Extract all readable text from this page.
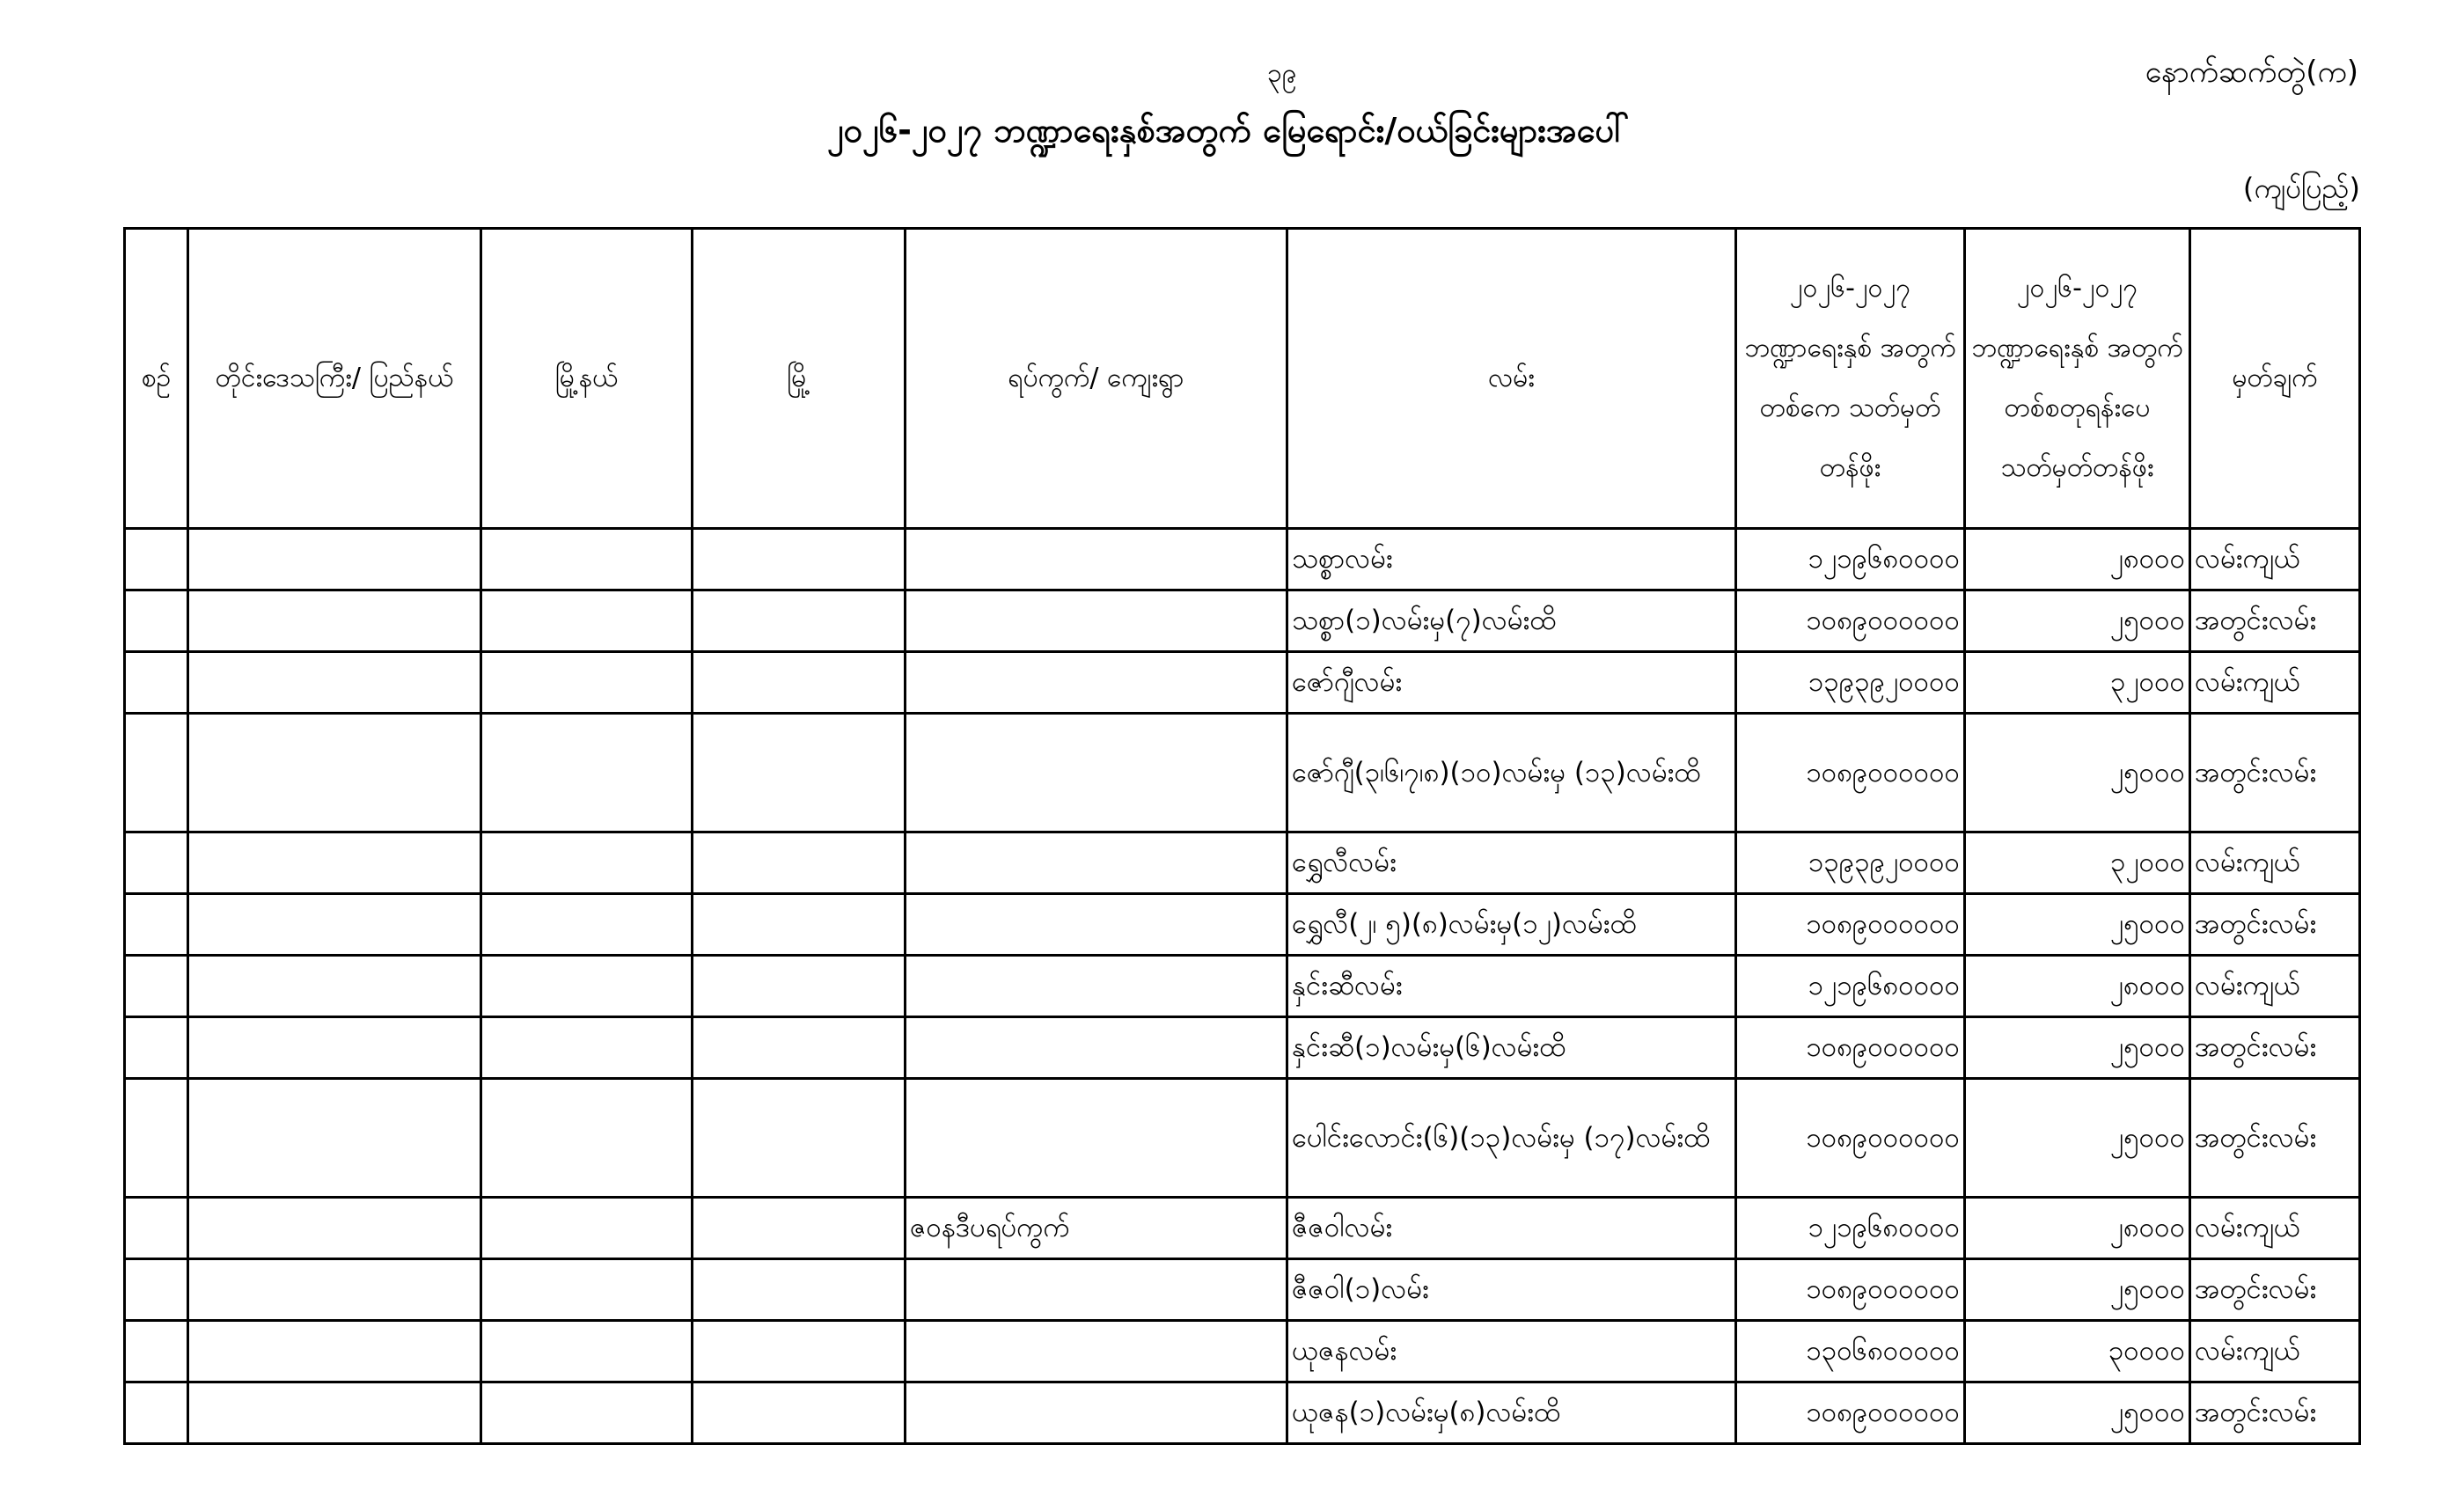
၃၉	နောက်ဆက်တွဲ(က)
၂၀၂၆-၂၀၂၇ ဘဏ္ဍာရေးနှစ်အတွက် မြေရောင်း/ဝယ်ခြင်းများအပေါ်
(ကျပ်ပြည့်)
စဉ်	တိုင်းဒေသကြီး/ ပြည်နယ်	မြို့နယ်	မြို့	ရပ်ကွက်/ ကျေးရွာ	လမ်း	၂၀၂၆-၂၀၂၇ ဘဏ္ဍာရေးနှစ် အတွက် တစ်ကေ သတ်မှတ်တန်ဖိုး	၂၀၂၆-၂၀၂၇ ဘဏ္ဍာရေးနှစ် အတွက် တစ်စတုရန်းပေ သတ်မှတ်တန်ဖိုး	မှတ်ချက်
					သစ္စာလမ်း	၁၂၁၉၆၈၀၀၀၀	၂၈၀၀၀	လမ်းကျယ်
					သစ္စာ(၁)လမ်းမှ(၇)လမ်းထိ	၁၀၈၉၀၀၀၀၀၀	၂၅၀၀၀	အတွင်းလမ်း
					ဇော်ဂျီလမ်း	၁၃၉၃၉၂၀၀၀၀	၃၂၀၀၀	လမ်းကျယ်
					ဇော်ဂျီ(၃၊၆၊၇၊၈)(၁၀)လမ်းမှ (၁၃)လမ်းထိ	၁၀၈၉၀၀၀၀၀၀	၂၅၀၀၀	အတွင်းလမ်း
					ရွှေလီလမ်း	၁၃၉၃၉၂၀၀၀၀	၃၂၀၀၀	လမ်းကျယ်
					ရွှေလီ(၂၊ ၅)(၈)လမ်းမှ(၁၂)လမ်းထိ	၁၀၈၉၀၀၀၀၀၀	၂၅၀၀၀	အတွင်းလမ်း
					နှင်းဆီလမ်း	၁၂၁၉၆၈၀၀၀၀	၂၈၀၀၀	လမ်းကျယ်
					နှင်းဆီ(၁)လမ်းမှ(၆)လမ်းထိ	၁၀၈၉၀၀၀၀၀၀	၂၅၀၀၀	အတွင်းလမ်း
					ပေါင်းလောင်း(၆)(၁၃)လမ်းမှ (၁၇)လမ်းထိ	၁၀၈၉၀၀၀၀၀၀	၂၅၀၀၀	အတွင်းလမ်း
				ဇဝနဒီပရပ်ကွက်	ဇီဇဝါလမ်း	၁၂၁၉၆၈၀၀၀၀	၂၈၀၀၀	လမ်းကျယ်
					ဇီဇဝါ(၁)လမ်း	၁၀၈၉၀၀၀၀၀၀	၂၅၀၀၀	အတွင်းလမ်း
					ယုဇနလမ်း	၁၃၀၆၈၀၀၀၀၀	၃၀၀၀၀	လမ်းကျယ်
					ယုဇန(၁)လမ်းမှ(၈)လမ်းထိ	၁၀၈၉၀၀၀၀၀၀	၂၅၀၀၀	အတွင်းလမ်း
